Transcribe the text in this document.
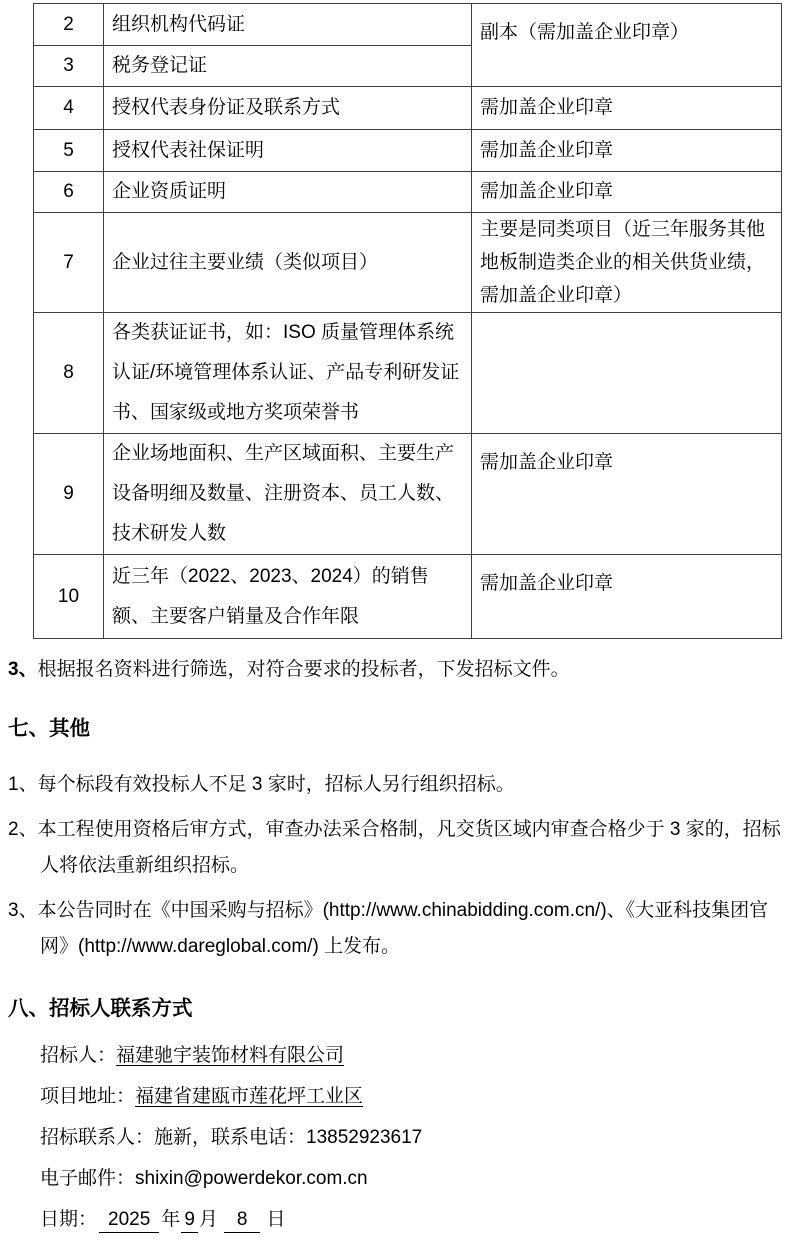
2	组织机构代码证	副本（需加盖企业印章）
3	税务登记证	
4	授权代表身份证及联系方式	需加盖企业印章
5	授权代表社保证明	需加盖企业印章
6	企业资质证明	需加盖企业印章
7	企业过往主要业绩（类似项目）	主要是同类项目（近三年服务其他地板制造类企业的相关供货业绩，需加盖企业印章）
8	各类获证证书，如：ISO 质量管理体系统认证/环境管理体系认证、产品专利研发证书、国家级或地方奖项荣誉书	
9	企业场地面积、生产区域面积、主要生产设备明细及数量、注册资本、员工人数、技术研发人数	需加盖企业印章
10	近三年（2022、2023、2024）的销售额、主要客户销量及合作年限	需加盖企业印章

3、根据报名资料进行筛选，对符合要求的投标者，下发招标文件。

七、其他

1、每个标段有效投标人不足 3 家时，招标人另行组织招标。

2、本工程使用资格后审方式，审查办法采合格制，凡交货区域内审查合格少于 3 家的，招标人将依法重新组织招标。

3、本公告同时在《中国采购与招标》(http://www.chinabidding.com.cn/)、《大亚科技集团官网》(http://www.dareglobal.com/) 上发布。

八、招标人联系方式

招标人：福建驰宇装饰材料有限公司

项目地址：福建省建瓯市莲花坪工业区

招标联系人：施新，联系电话：13852923617

电子邮件：shixin@powerdekor.com.cn

日期： 2025 年 9 月 8 日
